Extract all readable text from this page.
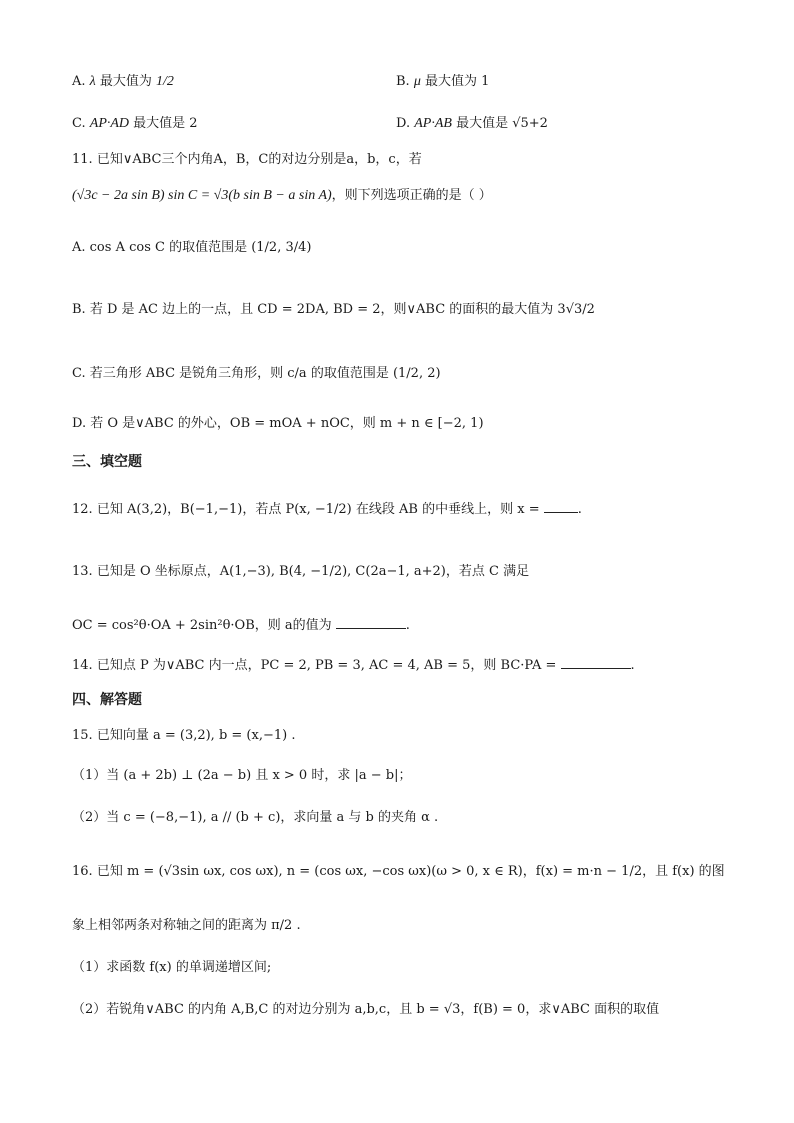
A. λ 最大值为 1/2	B. μ 最大值为 1
C. AP·AD 最大值是 2	D. AP·AB 最大值是 √5+2
11. 已知∨ABC三个内角A，B，C的对边分别是a，b，c，若
(√3c − 2a sin B) sin C = √3(b sin B − a sin A)，则下列选项正确的是（ ）
A. cos A cos C 的取值范围是 (1/2, 3/4)
B. 若 D 是 AC 边上的一点，且 CD = 2DA, BD = 2，则∨ABC 的面积的最大值为 3√3/2
C. 若三角形 ABC 是锐角三角形，则 c/a 的取值范围是 (1/2, 2)
D. 若 O 是∨ABC 的外心，OB = mOA + nOC，则 m + n ∈ [−2, 1)
三、填空题
12. 已知 A(3,2)，B(−1,−1)，若点 P(x, −1/2) 在线段 AB 的中垂线上，则 x =	.
13. 已知是 O 坐标原点，A(1,−3), B(4, −1/2), C(2a−1, a+2)，若点 C 满足
OC = cos²θ·OA + 2sin²θ·OB，则 a的值为	.
14. 已知点 P 为∨ABC 内一点，PC = 2, PB = 3, AC = 4, AB = 5，则 BC·PA =	.
四、解答题
15. 已知向量 a = (3,2), b = (x,−1) .
（1）当 (a + 2b) ⊥ (2a − b) 且 x > 0 时，求 |a − b|；
（2）当 c = (−8,−1), a // (b + c)，求向量 a 与 b 的夹角 α .
16. 已知 m = (√3sin ωx, cos ωx), n = (cos ωx, −cos ωx)(ω > 0, x ∈ R)，f(x) = m·n − 1/2，且 f(x) 的图
象上相邻两条对称轴之间的距离为 π/2 .
（1）求函数 f(x) 的单调递增区间;
（2）若锐角∨ABC 的内角 A,B,C 的对边分别为 a,b,c，且 b = √3，f(B) = 0，求∨ABC 面积的取值
